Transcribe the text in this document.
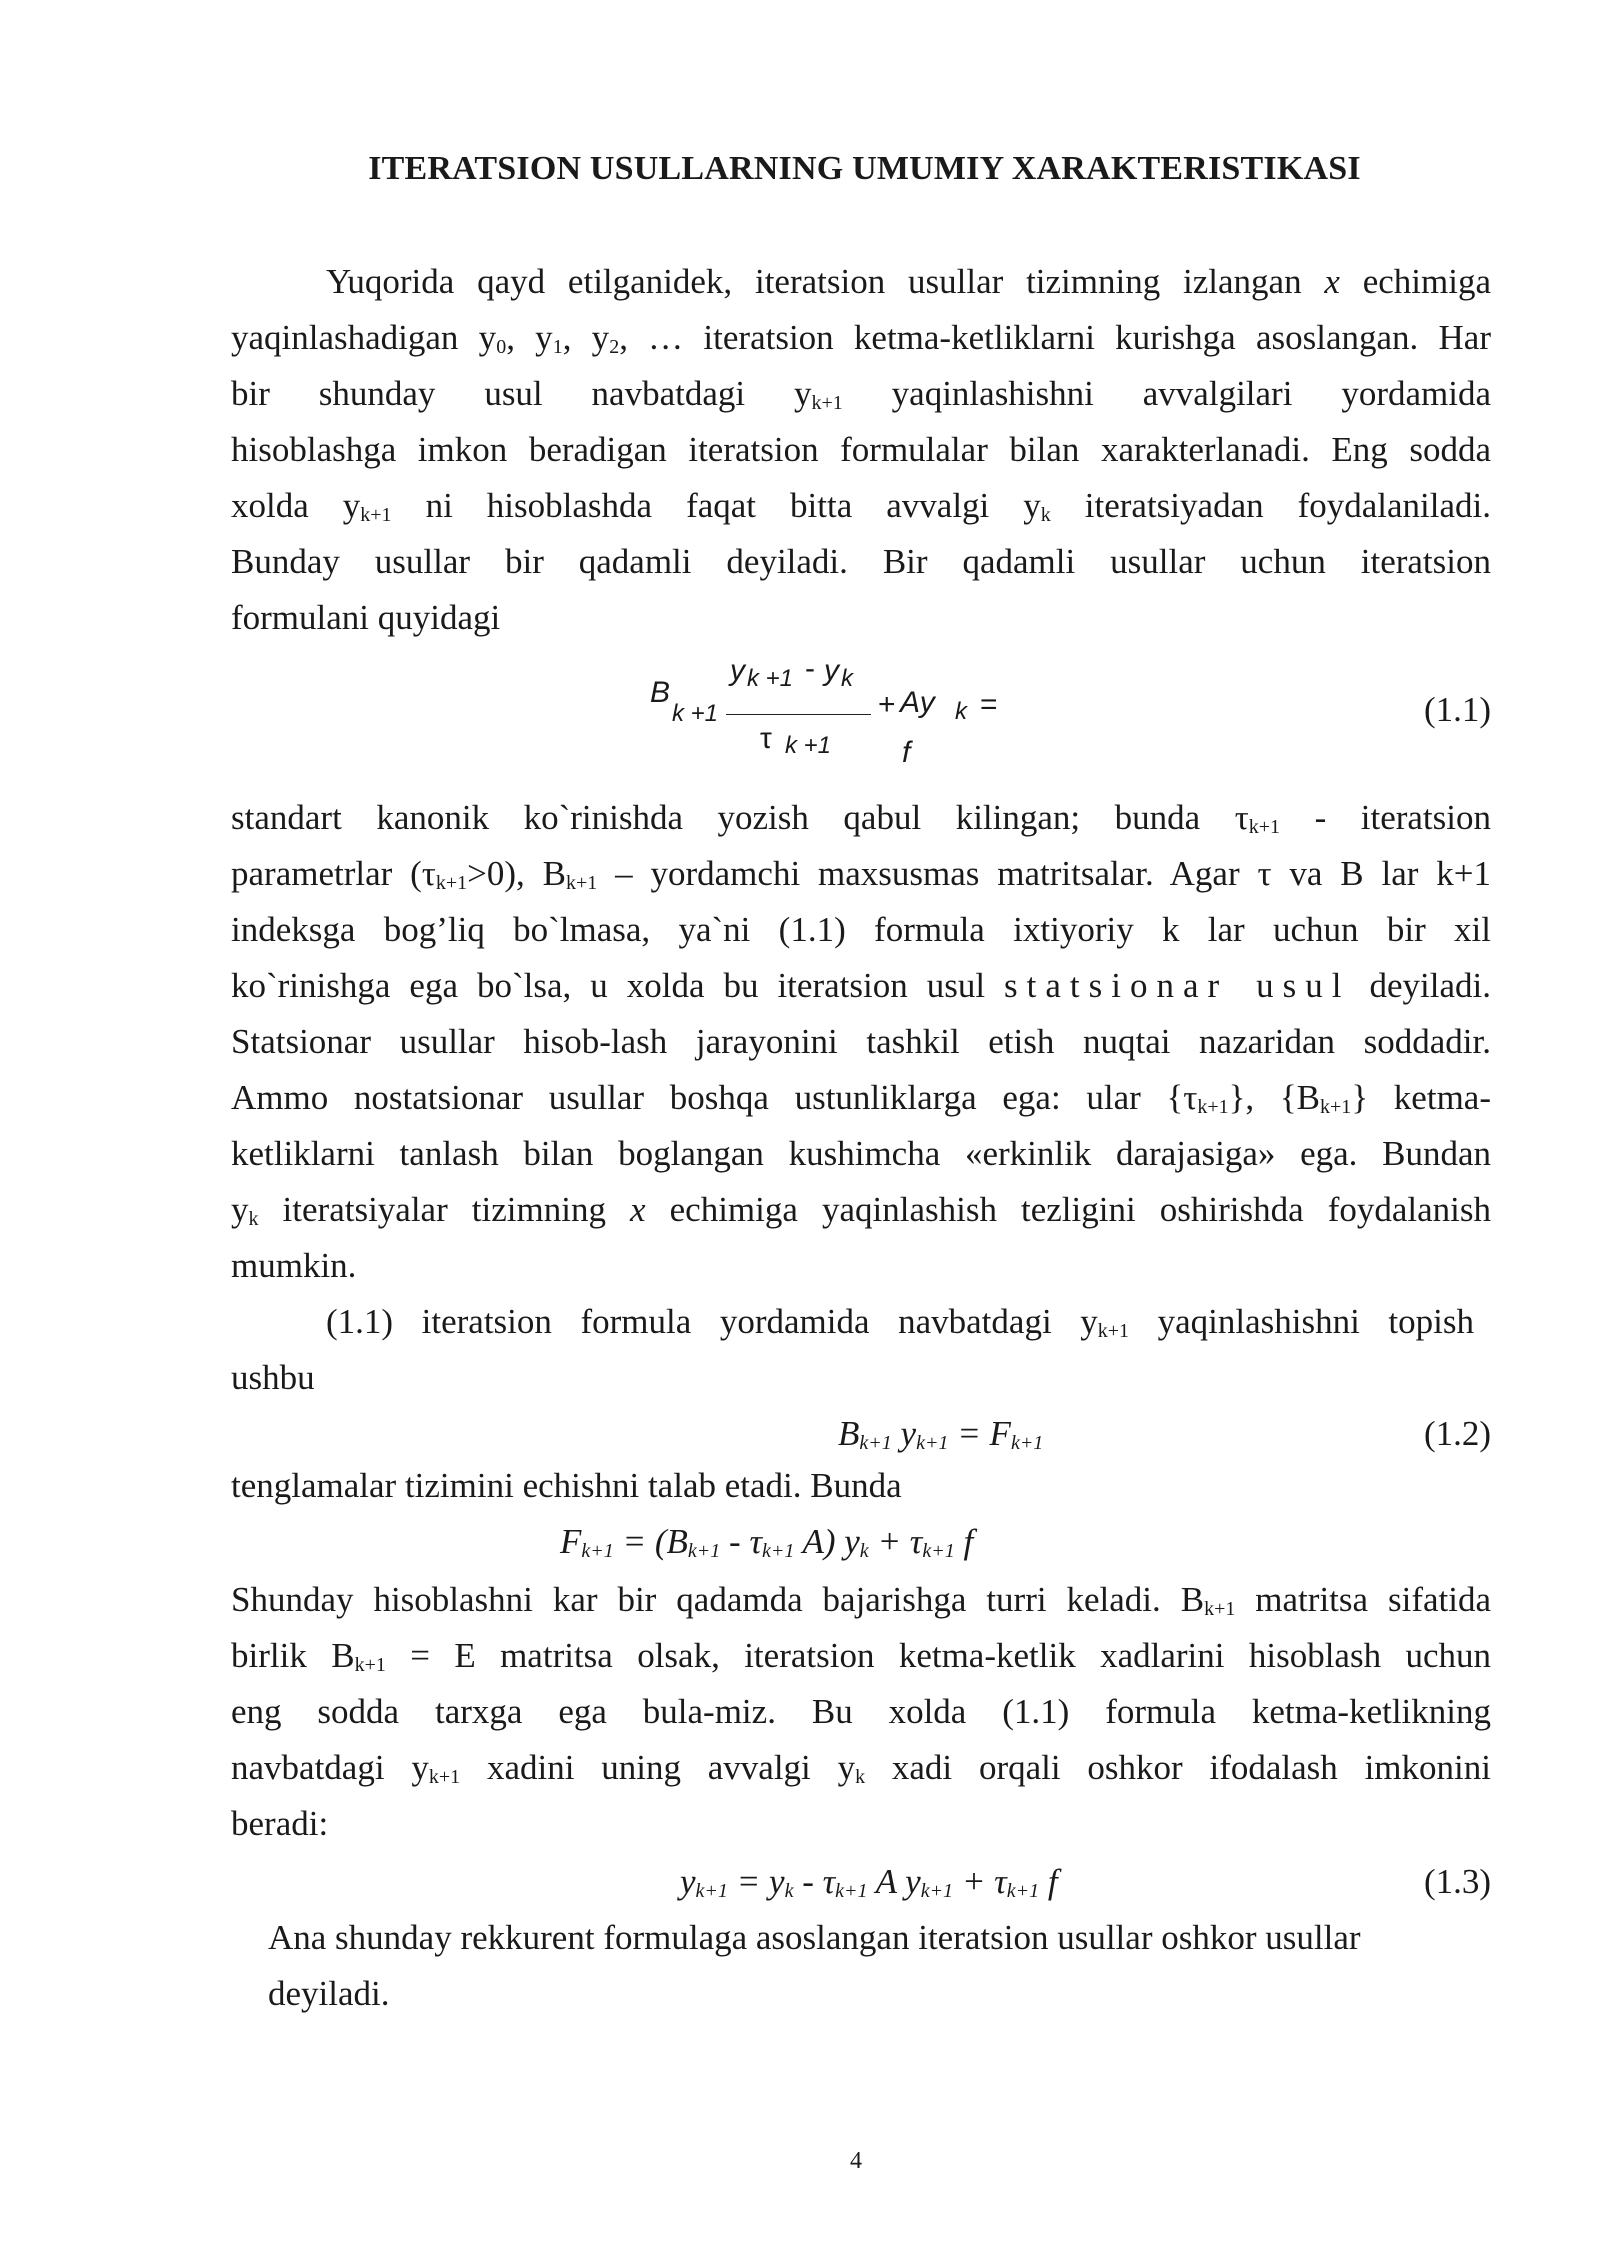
ITERATSION USULLARNING UMUMIY XARAKTERISTIKASI
Yuqorida qayd etilganidek, iteratsion usullar tizimning izlangan x echimiga
yaqinlashadigan $y_0$, $y_1$, $y_2$, … iteratsion ketma-ketliklarni kurishga asoslangan. Har
bir shunday usul navbatdagi $y_{k+1}$ yaqinlashishni avvalgilari yordamida
hisoblashga imkon beradigan iteratsion formulalar bilan xarakterlanadi. Eng sodda
xolda $y_{k+1}$ ni hisoblashda faqat bitta avvalgi $y_k$ iteratsiyadan foydalaniladi.
Bunday usullar bir qadamli deyiladi. Bir qadamli usullar uchun iteratsion
formulani quyidagi
B
k +1
y k +1 - y k
τ k +1
+ Ay k =
f
(1.1)
standart kanonik ko`rinishda yozish qabul kilingan; bunda $\tau_{k+1}$ - iteratsion
parametrlar $(\tau_{k+1}>0)$, $B_{k+1}$ – yordamchi maxsusmas matritsalar. Agar τ va B lar k+1
indeksga bog’liq bo`lmasa, ya`ni (1.1) formula ixtiyoriy k lar uchun bir xil
ko`rinishga ega bo`lsa, u xolda bu iteratsion usul statsionar usul deyiladi.
Statsionar usullar hisob-lash jarayonini tashkil etish nuqtai nazaridan soddadir.
Ammo nostatsionar usullar boshqa ustunliklarga ega: ular $\{\tau_{k+1}\}$, $\{B_{k+1}\}$ ketma-
ketliklarni tanlash bilan boglangan kushimcha «erkinlik darajasiga» ega. Bundan
$y_k$ iteratsiyalar tizimning x echimiga yaqinlashish tezligini oshirishda foydalanish
mumkin.
(1.1) iteratsion formula yordamida navbatdagi $y_{k+1}$ yaqinlashishni topish
ushbu
$B_{k+1}$ $y_{k+1} = F_{k+1}$	(1.2)
tenglamalar tizimini echishni talab etadi. Bunda
$F_{k+1} = (B_{k+1} - \tau_{k+1}$ A) $y_k + \tau_{k+1}$ f
Shunday hisoblashni kar bir qadamda bajarishga turri keladi. $B_{k+1}$ matritsa sifatida
birlik $B_{k+1} = E$ matritsa olsak, iteratsion ketma-ketlik xadlarini hisoblash uchun
eng sodda tarxga ega bula-miz. Bu xolda (1.1) formula ketma-ketlikning
navbatdagi $y_{k+1}$ xadini uning avvalgi $y_k$ xadi orqali oshkor ifodalash imkonini
beradi:
$y_{k+1} = y_k - \tau_{k+1}$ A $y_{k+1} + \tau_{k+1}$ f	(1.3)
Ana shunday rekkurent formulaga asoslangan iteratsion usullar oshkor usullar
deyiladi.
4
